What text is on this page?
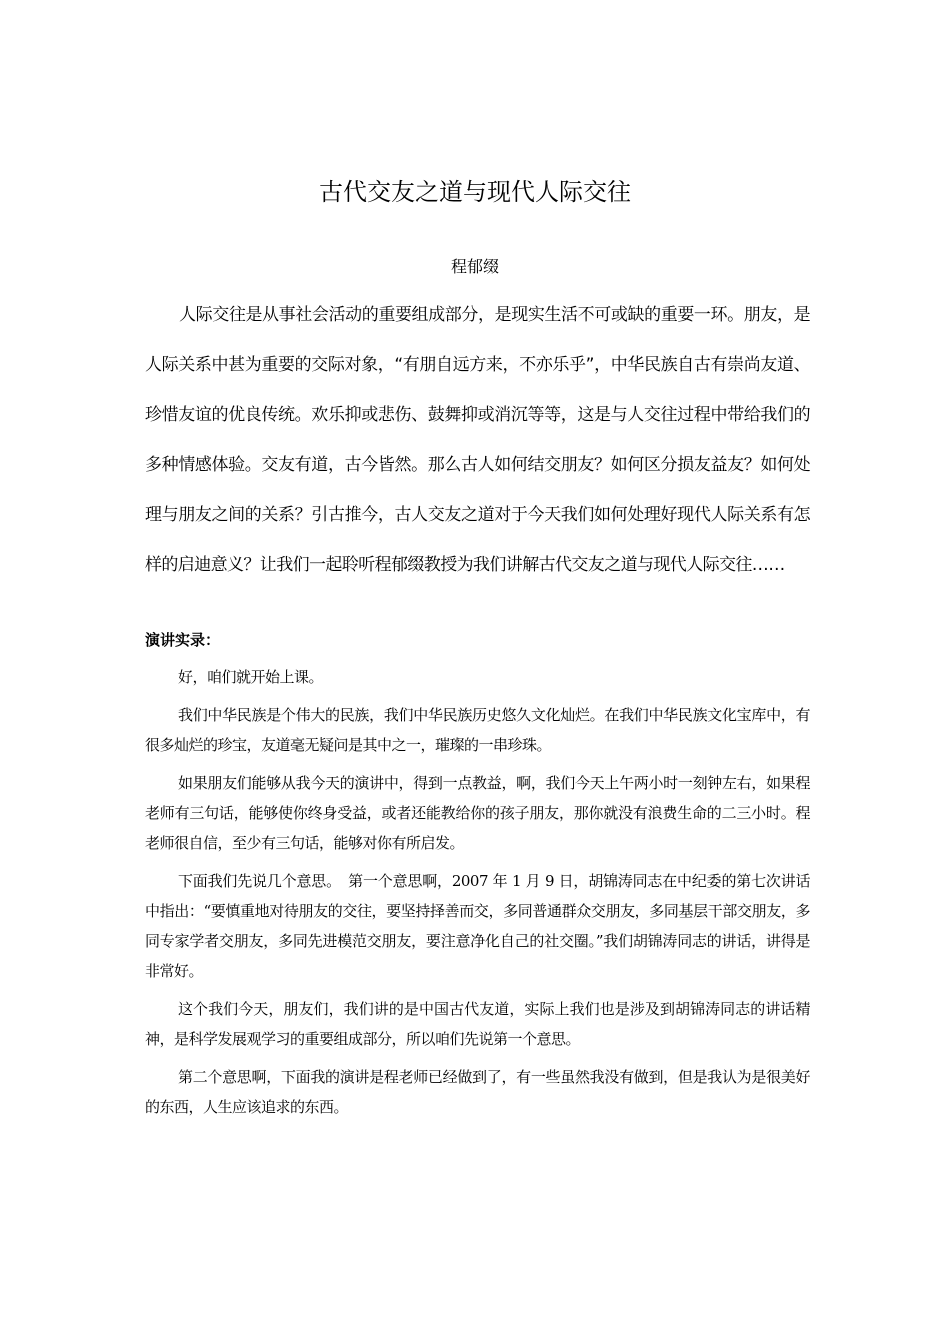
古代交友之道与现代人际交往
程郁缀

人际交往是从事社会活动的重要组成部分，是现实生活不可或缺的重要一环。朋友，是人际关系中甚为重要的交际对象，“有朋自远方来，不亦乐乎”，中华民族自古有崇尚友道、珍惜友谊的优良传统。欢乐抑或悲伤、鼓舞抑或消沉等等，这是与人交往过程中带给我们的多种情感体验。交友有道，古今皆然。那么古人如何结交朋友？如何区分损友益友？如何处理与朋友之间的关系？引古推今，古人交友之道对于今天我们如何处理好现代人际关系有怎样的启迪意义？让我们一起聆听程郁缀教授为我们讲解古代交友之道与现代人际交往……

演讲实录：

好，咱们就开始上课。

我们中华民族是个伟大的民族，我们中华民族历史悠久文化灿烂。在我们中华民族文化宝库中，有很多灿烂的珍宝，友道毫无疑问是其中之一，璀璨的一串珍珠。

如果朋友们能够从我今天的演讲中，得到一点教益，啊，我们今天上午两小时一刻钟左右，如果程老师有三句话，能够使你终身受益，或者还能教给你的孩子朋友，那你就没有浪费生命的二三小时。程老师很自信，至少有三句话，能够对你有所启发。

下面我们先说几个意思。　第一个意思啊，2007 年 1 月 9 日，胡锦涛同志在中纪委的第七次讲话中指出：“要慎重地对待朋友的交往，要坚持择善而交，多同普通群众交朋友，多同基层干部交朋友，多同专家学者交朋友，多同先进模范交朋友，要注意净化自己的社交圈。”我们胡锦涛同志的讲话，讲得是非常好。

这个我们今天，朋友们，我们讲的是中国古代友道，实际上我们也是涉及到胡锦涛同志的讲话精神，是科学发展观学习的重要组成部分，所以咱们先说第一个意思。

第二个意思啊，下面我的演讲是程老师已经做到了，有一些虽然我没有做到，但是我认为是很美好的东西，人生应该追求的东西。
